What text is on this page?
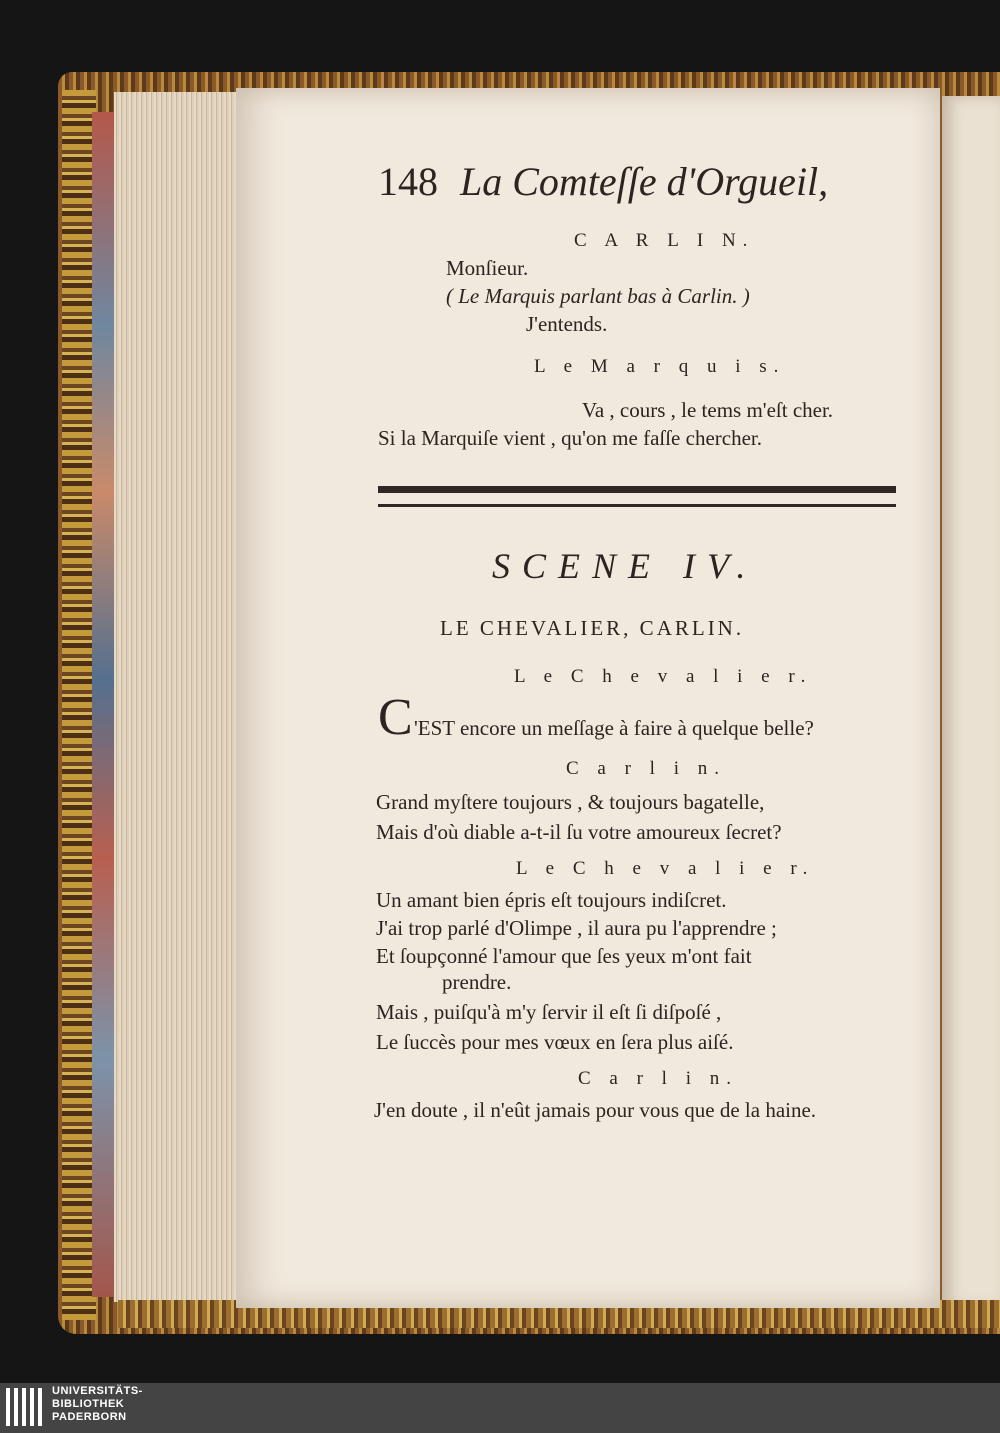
148 La Comteſſe d'Orgueil,
C A R L I N.
Monſieur.
( Le Marquis parlant bas à Carlin. )
J'entends.
L e M a r q u i s.
Va , cours , le tems m'eſt cher.
Si la Marquiſe vient , qu'on me faſſe chercher.
SCENE IV.
LE CHEVALIER, CARLIN.
L e C h e v a l i e r.
C 'EST encore un meſſage à faire à quelque belle?
C a r l i n.
Grand myſtere toujours , & toujours bagatelle,
Mais d'où diable a-t-il ſu votre amoureux ſecret?
L e C h e v a l i e r.
Un amant bien épris eſt toujours indiſcret.
J'ai trop parlé d'Olimpe , il aura pu l'apprendre ;
Et ſoupçonné l'amour que ſes yeux m'ont fait
prendre.
Mais , puiſqu'à m'y ſervir il eſt ſi diſpoſé ,
Le ſuccès pour mes vœux en ſera plus aiſé.
C a r l i n.
J'en doute , il n'eût jamais pour vous que de la haine.
UNIVERSITÄTS-
BIBLIOTHEK
PADERBORN
